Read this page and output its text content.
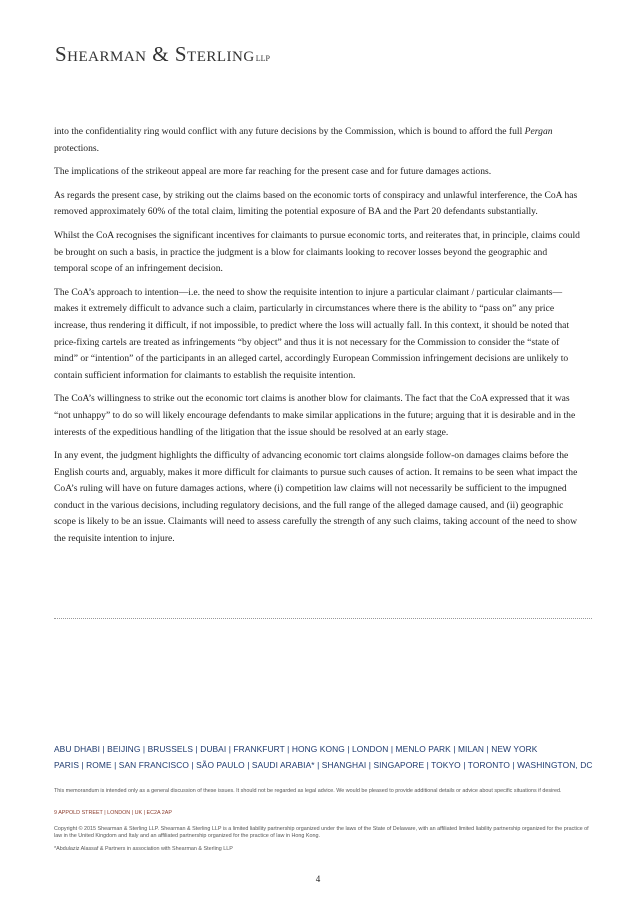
Shearman & SterlingLLP

into the confidentiality ring would conflict with any future decisions by the Commission, which is bound to afford the full Pergan protections.

The implications of the strikeout appeal are more far reaching for the present case and for future damages actions.

As regards the present case, by striking out the claims based on the economic torts of conspiracy and unlawful interference, the CoA has removed approximately 60% of the total claim, limiting the potential exposure of BA and the Part 20 defendants substantially.

Whilst the CoA recognises the significant incentives for claimants to pursue economic torts, and reiterates that, in principle, claims could be brought on such a basis, in practice the judgment is a blow for claimants looking to recover losses beyond the geographic and temporal scope of an infringement decision.

The CoA’s approach to intention—i.e. the need to show the requisite intention to injure a particular claimant / particular claimants—makes it extremely difficult to advance such a claim, particularly in circumstances where there is the ability to “pass on” any price increase, thus rendering it difficult, if not impossible, to predict where the loss will actually fall. In this context, it should be noted that price-fixing cartels are treated as infringements “by object” and thus it is not necessary for the Commission to consider the “state of mind” or “intention” of the participants in an alleged cartel, accordingly European Commission infringement decisions are unlikely to contain sufficient information for claimants to establish the requisite intention.

The CoA’s willingness to strike out the economic tort claims is another blow for claimants. The fact that the CoA expressed that it was “not unhappy” to do so will likely encourage defendants to make similar applications in the future; arguing that it is desirable and in the interests of the expeditious handling of the litigation that the issue should be resolved at an early stage.

In any event, the judgment highlights the difficulty of advancing economic tort claims alongside follow-on damages claims before the English courts and, arguably, makes it more difficult for claimants to pursue such causes of action. It remains to be seen what impact the CoA’s ruling will have on future damages actions, where (i) competition law claims will not necessarily be sufficient to the impugned conduct in the various decisions, including regulatory decisions, and the full range of the alleged damage caused, and (ii) geographic scope is likely to be an issue. Claimants will need to assess carefully the strength of any such claims, taking account of the need to show the requisite intention to injure.

ABU DHABI | BEIJING | BRUSSELS | DUBAI | FRANKFURT | HONG KONG | LONDON | MENLO PARK | MILAN | NEW YORK
PARIS | ROME | SAN FRANCISCO | SÃO PAULO | SAUDI ARABIA* | SHANGHAI | SINGAPORE | TOKYO | TORONTO | WASHINGTON, DC
This memorandum is intended only as a general discussion of these issues. It should not be regarded as legal advice. We would be pleased to provide additional details or advice about specific situations if desired.
9 APPOLD STREET | LONDON | UK | EC2A 2AP
Copyright © 2015 Shearman & Sterling LLP. Shearman & Sterling LLP is a limited liability partnership organized under the laws of the State of Delaware, with an affiliated limited liability partnership organized for the practice of law in the United Kingdom and Italy and an affiliated partnership organized for the practice of law in Hong Kong.
*Abdulaziz Alassaf & Partners in association with Shearman & Sterling LLP
4
